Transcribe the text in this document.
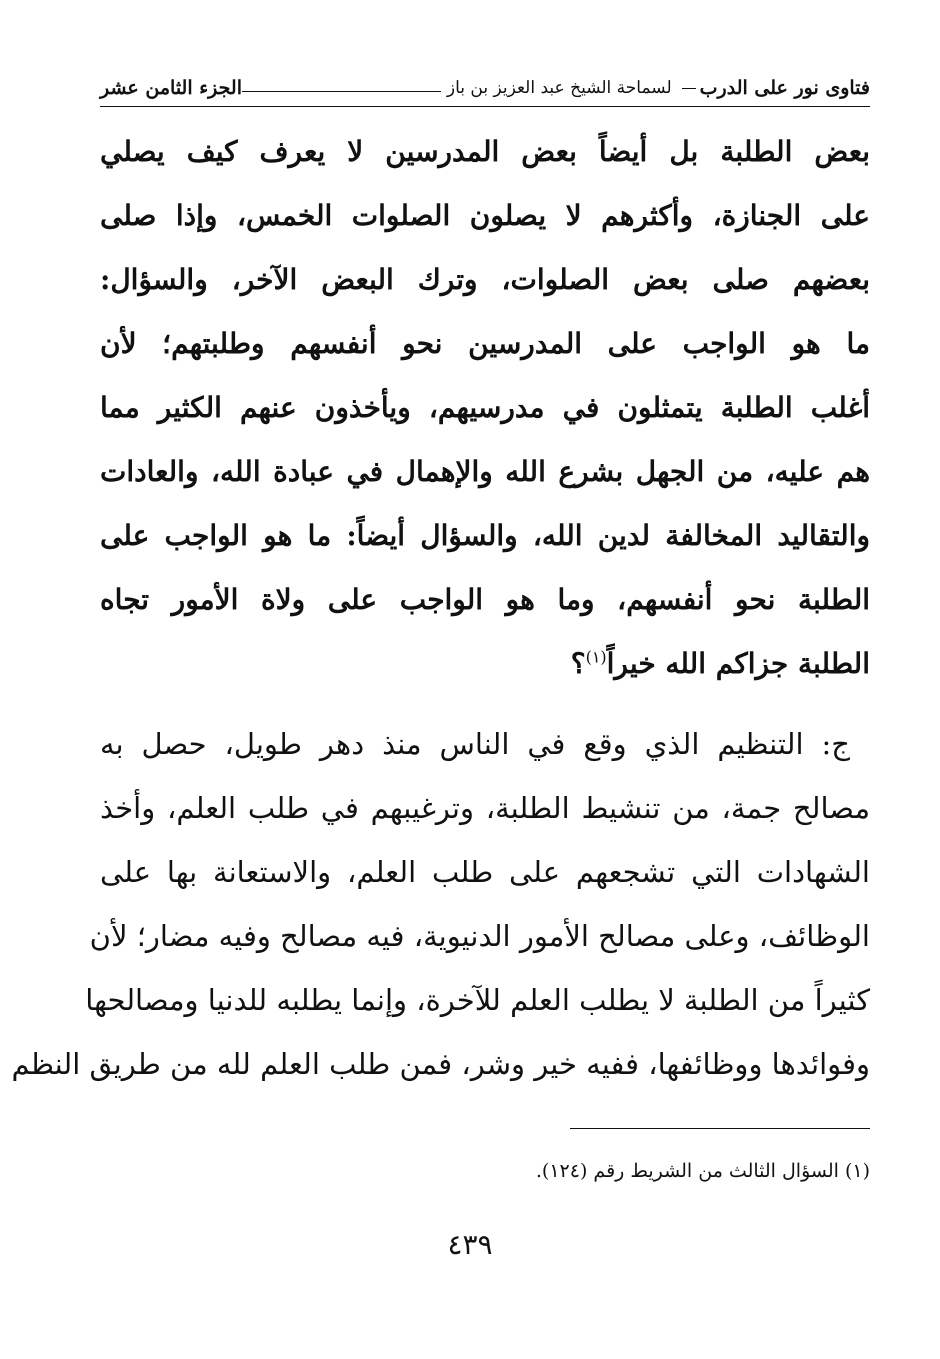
فتاوى نور على الدرب
لسماحة الشيخ عبد العزيز بن باز
الجزء الثامن عشر
بعض الطلبة بل أيضاً بعض المدرسين لا يعرف كيف يصلي
على الجنازة، وأكثرهم لا يصلون الصلوات الخمس، وإذا صلى
بعضهم صلى بعض الصلوات، وترك البعض الآخر، والسؤال:
ما هو الواجب على المدرسين نحو أنفسهم وطلبتهم؛ لأن
أغلب الطلبة يتمثلون في مدرسيهم، ويأخذون عنهم الكثير مما
هم عليه، من الجهل بشرع الله والإهمال في عبادة الله، والعادات
والتقاليد المخالفة لدين الله، والسؤال أيضاً: ما هو الواجب على
الطلبة نحو أنفسهم، وما هو الواجب على ولاة الأمور تجاه
الطلبة جزاكم الله خيراً$^{(١)}$؟
ج: التنظيم الذي وقع في الناس منذ دهر طويل، حصل به
مصالح جمة، من تنشيط الطلبة، وترغيبهم في طلب العلم، وأخذ
الشهادات التي تشجعهم على طلب العلم، والاستعانة بها على
الوظائف، وعلى مصالح الأمور الدنيوية، فيه مصالح وفيه مضار؛ لأن
كثيراً من الطلبة لا يطلب العلم للآخرة، وإنما يطلبه للدنيا ومصالحها
وفوائدها ووظائفها، ففيه خير وشر، فمن طلب العلم لله من طريق النظم
(١) السؤال الثالث من الشريط رقم (١٢٤).
٤٣٩
